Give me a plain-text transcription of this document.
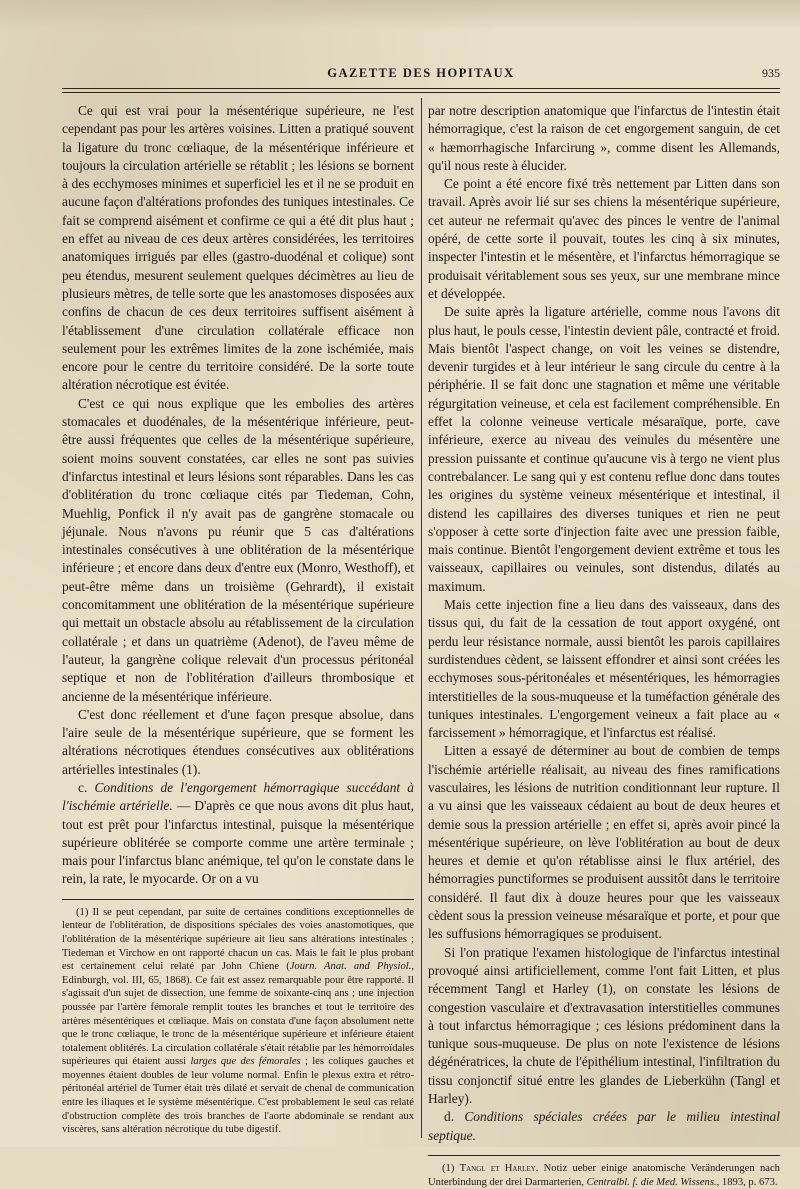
GAZETTE DES HOPITAUX	935

Ce qui est vrai pour la mésentérique supérieure, ne l'est cependant pas pour les artères voisines. Litten a pratiqué souvent la ligature du tronc cœliaque, de la mésentérique inférieure et toujours la circulation artérielle se rétablit ; les lésions se bornent à des ecchymoses minimes et superficiel les et il ne se produit en aucune façon d'altérations profondes des tuniques intestinales. Ce fait se comprend aisément et confirme ce qui a été dit plus haut ; en effet au niveau de ces deux artères considérées, les territoires anatomiques irrigués par elles (gastro-duodénal et colique) sont peu étendus, mesurent seulement quelques décimètres au lieu de plusieurs mètres, de telle sorte que les anastomoses disposées aux confins de chacun de ces deux territoires suffisent aisément à l'établissement d'une circulation collatérale efficace non seulement pour les extrêmes limites de la zone ischémiée, mais encore pour le centre du territoire considéré. De la sorte toute altération nécrotique est évitée.

C'est ce qui nous explique que les embolies des artères stomacales et duodénales, de la mésentérique inférieure, peut-être aussi fréquentes que celles de la mésentérique supérieure, soient moins souvent constatées, car elles ne sont pas suivies d'infarctus intestinal et leurs lésions sont réparables. Dans les cas d'oblitération du tronc cœliaque cités par Tiedeman, Cohn, Muehlig, Ponfick il n'y avait pas de gangrène stomacale ou jéjunale. Nous n'avons pu réunir que 5 cas d'altérations intestinales consécutives à une oblitération de la mésentérique inférieure ; et encore dans deux d'entre eux (Monro, Westhoff), et peut-être même dans un troisième (Gehrardt), il existait concomitamment une oblitération de la mésentérique supérieure qui mettait un obstacle absolu au rétablissement de la circulation collatérale ; et dans un quatrième (Adenot), de l'aveu même de l'auteur, la gangrène colique relevait d'un processus péritonéal septique et non de l'oblitération d'ailleurs thrombosique et ancienne de la mésentérique inférieure.

C'est donc réellement et d'une façon presque absolue, dans l'aire seule de la mésentérique supérieure, que se forment les altérations nécrotiques étendues consécutives aux oblitérations artérielles intestinales (1).

c. Conditions de l'engorgement hémorragique succédant à l'ischémie artérielle. — D'après ce que nous avons dit plus haut, tout est prêt pour l'infarctus intestinal, puisque la mésentérique supérieure oblitérée se comporte comme une artère terminale ; mais pour l'infarctus blanc anémique, tel qu'on le constate dans le rein, la rate, le myocarde. Or on a vu

(1) Il se peut cependant, par suite de certaines conditions exceptionnelles de lenteur de l'oblitération, de dispositions spéciales des voies anastomotiques, que l'oblitération de la mésentérique supérieure ait lieu sans altérations intestinales ; Tiedeman et Virchow en ont rapporté chacun un cas. Mais le fait le plus probant est certainement celui relaté par John Chiene (Journ. Anat. and Physiol., Edinburgh, vol. III, 65, 1868). Ce fait est assez remarquable pour être rapporté. Il s'agissait d'un sujet de dissection, une femme de soixante-cinq ans ; une injection poussée par l'artère fémorale remplit toutes les branches et tout le territoire des artères mésentériques et cœliaque. Mais on constata d'une façon absolument nette que le tronc cœliaque, le tronc de la mésentérique supérieure et inférieure étaient totalement oblitérés. La circulation collatérale s'était rétablie par les hémorroïdales supérieures qui étaient aussi larges que des fémorales ; les coliques gauches et moyennes étaient doubles de leur volume normal. Enfin le plexus extra et rétro-péritonéal artériel de Turner était très dilaté et servait de chenal de communication entre les iliaques et le système mésentérique. C'est probablement le seul cas relaté d'obstruction complète des trois branches de l'aorte abdominale se rendant aux viscères, sans altération nécrotique du tube digestif.

par notre description anatomique que l'infarctus de l'intestin était hémorragique, c'est la raison de cet engorgement sanguin, de cet « hæmorrhagische Infarcirung », comme disent les Allemands, qu'il nous reste à élucider.

Ce point a été encore fixé très nettement par Litten dans son travail. Après avoir lié sur ses chiens la mésentérique supérieure, cet auteur ne refermait qu'avec des pinces le ventre de l'animal opéré, de cette sorte il pouvait, toutes les cinq à six minutes, inspecter l'intestin et le mésentère, et l'infarctus hémorragique se produisait véritablement sous ses yeux, sur une membrane mince et développée.

De suite après la ligature artérielle, comme nous l'avons dit plus haut, le pouls cesse, l'intestin devient pâle, contracté et froid. Mais bientôt l'aspect change, on voit les veines se distendre, devenir turgides et à leur intérieur le sang circule du centre à la périphérie. Il se fait donc une stagnation et même une véritable régurgitation veineuse, et cela est facilement compréhensible. En effet la colonne veineuse verticale mésaraïque, porte, cave inférieure, exerce au niveau des veinules du mésentère une pression puissante et continue qu'aucune vis à tergo ne vient plus contrebalancer. Le sang qui y est contenu reflue donc dans toutes les origines du système veineux mésentérique et intestinal, il distend les capillaires des diverses tuniques et rien ne peut s'opposer à cette sorte d'injection faite avec une pression faible, mais continue. Bientôt l'engorgement devient extrême et tous les vaisseaux, capillaires ou veinules, sont distendus, dilatés au maximum.

Mais cette injection fine a lieu dans des vaisseaux, dans des tissus qui, du fait de la cessation de tout apport oxygéné, ont perdu leur résistance normale, aussi bientôt les parois capillaires surdistendues cèdent, se laissent effondrer et ainsi sont créées les ecchymoses sous-péritonéales et mésentériques, les hémorragies interstitielles de la sous-muqueuse et la tuméfaction générale des tuniques intestinales. L'engorgement veineux a fait place au « farcissement » hémorragique, et l'infarctus est réalisé.

Litten a essayé de déterminer au bout de combien de temps l'ischémie artérielle réalisait, au niveau des fines ramifications vasculaires, les lésions de nutrition conditionnant leur rupture. Il a vu ainsi que les vaisseaux cédaient au bout de deux heures et demie sous la pression artérielle ; en effet si, après avoir pincé la mésentérique supérieure, on lève l'oblitération au bout de deux heures et demie et qu'on rétablisse ainsi le flux artériel, des hémorragies punctiformes se produisent aussitôt dans le territoire considéré. Il faut dix à douze heures pour que les vaisseaux cèdent sous la pression veineuse mésaraïque et porte, et pour que les suffusions hémorragiques se produisent.

Si l'on pratique l'examen histologique de l'infarctus intestinal provoqué ainsi artificiellement, comme l'ont fait Litten, et plus récemment Tangl et Harley (1), on constate les lésions de congestion vasculaire et d'extravasation interstitielles communes à tout infarctus hémorragique ; ces lésions prédominent dans la tunique sous-muqueuse. De plus on note l'existence de lésions dégénératrices, la chute de l'épithélium intestinal, l'infiltration du tissu conjonctif situé entre les glandes de Lieberkühn (Tangl et Harley).

d. Conditions spéciales créées par le milieu intestinal septique.

(1) Tangl et Harley. Notiz ueber einige anatomische Veränderungen nach Unterbindung der drei Darmarterien, Centralbl. f. die Med. Wissens., 1893, p. 673.
